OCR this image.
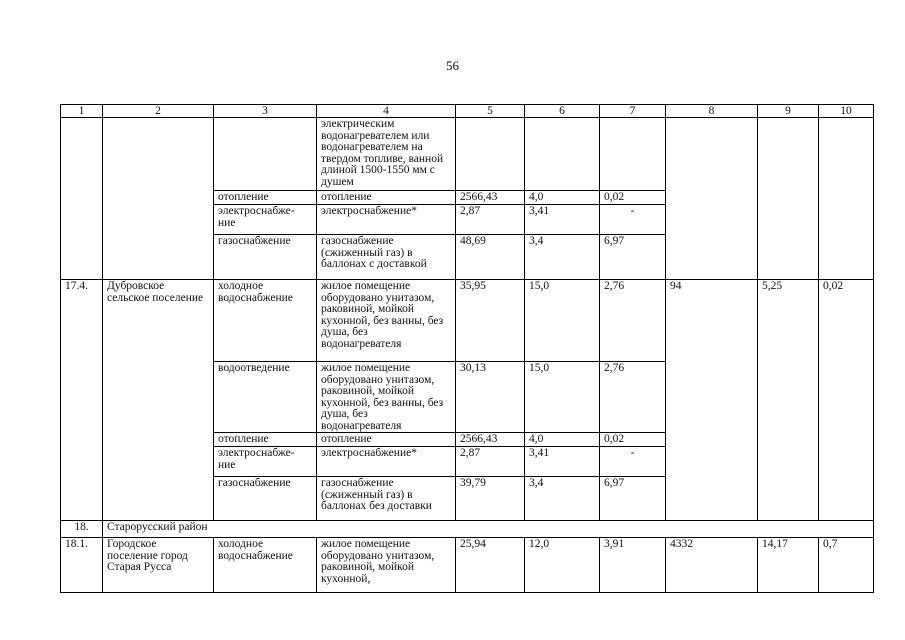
56
1	2	3	4	5	6	7	8	9	10
			электрическим водонагревателем или водонагревателем на твердом топливе, ванной длиной 1500-1550 мм с душем						
		отопление	отопление	2566,43	4,0	0,02			
		электроснабже-ние	электроснабжение*	2,87	3,41	-			
		газоснабжение	газоснабжение (сжиженный газ) в баллонах с доставкой	48,69	3,4	6,97			
17.4.	Дубровское сельское поселение	холодное водоснабжение	жилое помещение оборудовано унитазом, раковиной, мойкой кухонной, без ванны, без душа, без водонагревателя	35,95	15,0	2,76	94	5,25	0,02
		водоотведение	жилое помещение оборудовано унитазом, раковиной, мойкой кухонной, без ванны, без душа, без водонагревателя	30,13	15,0	2,76			
		отопление	отопление	2566,43	4,0	0,02			
		электроснабже-ние	электроснабжение*	2,87	3,41	-			
		газоснабжение	газоснабжение (сжиженный газ) в баллонах без доставки	39,79	3,4	6,97			
18.	Старорусский район								
18.1.	Городское поселение город Старая Русса	холодное водоснабжение	жилое помещение оборудовано унитазом, раковиной, мойкой кухонной,	25,94	12,0	3,91	4332	14,17	0,7
